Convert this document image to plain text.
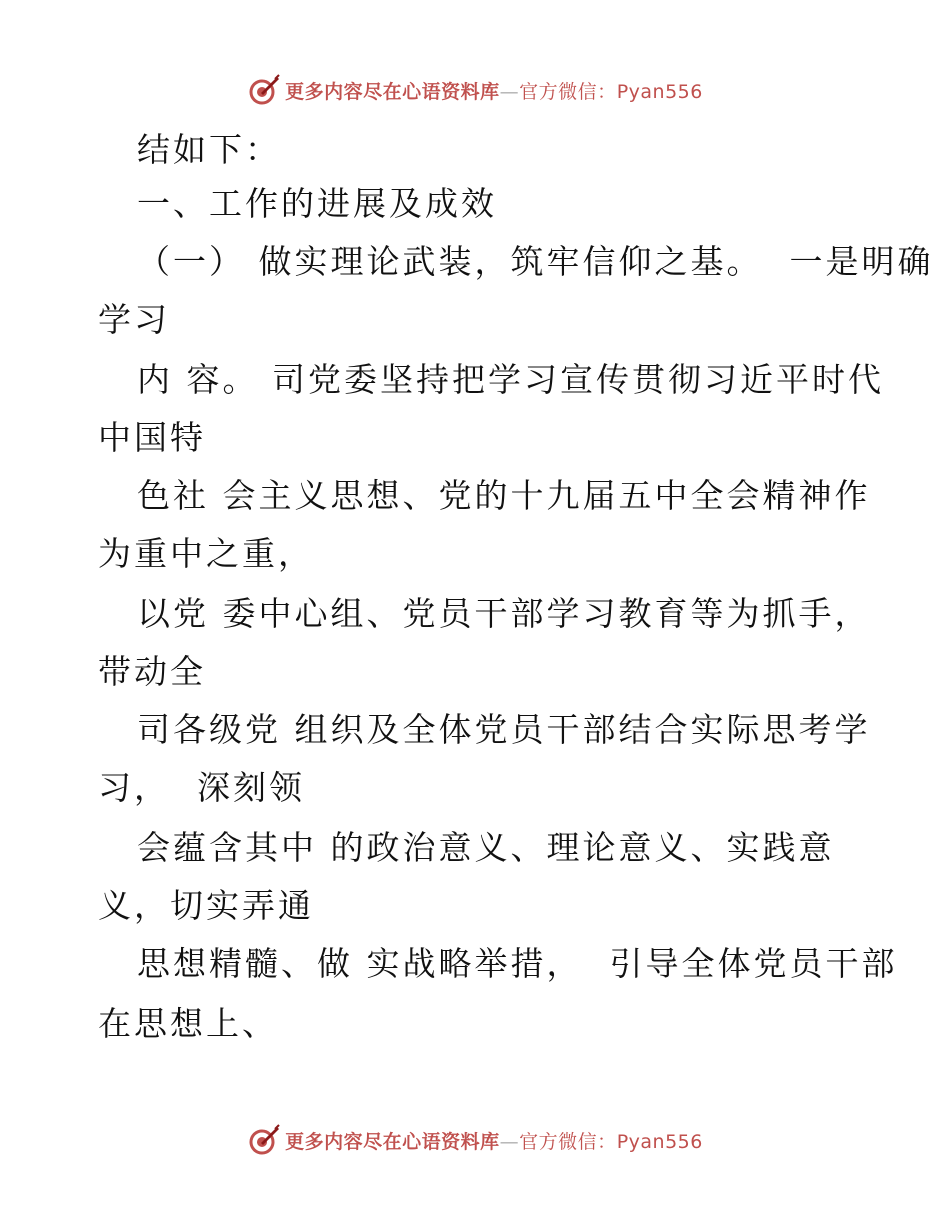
更多内容尽在心语资料库—官方微信：Pyan556
结如下：
一、工作的进展及成效
（一） 做实理论武装，筑牢信仰之基。  一是明确
学习
内 容。 司党委坚持把学习宣传贯彻习近平时代
中国特
色社 会主义思想、党的十九届五中全会精神作
为重中之重，
以党 委中心组、党员干部学习教育等为抓手，
带动全
司各级党 组织及全体党员干部结合实际思考学
习，  深刻领
会蕴含其中 的政治意义、理论意义、实践意
义，切实弄通
思想精髓、做 实战略举措，  引导全体党员干部
在思想上、
更多内容尽在心语资料库—官方微信：Pyan556
